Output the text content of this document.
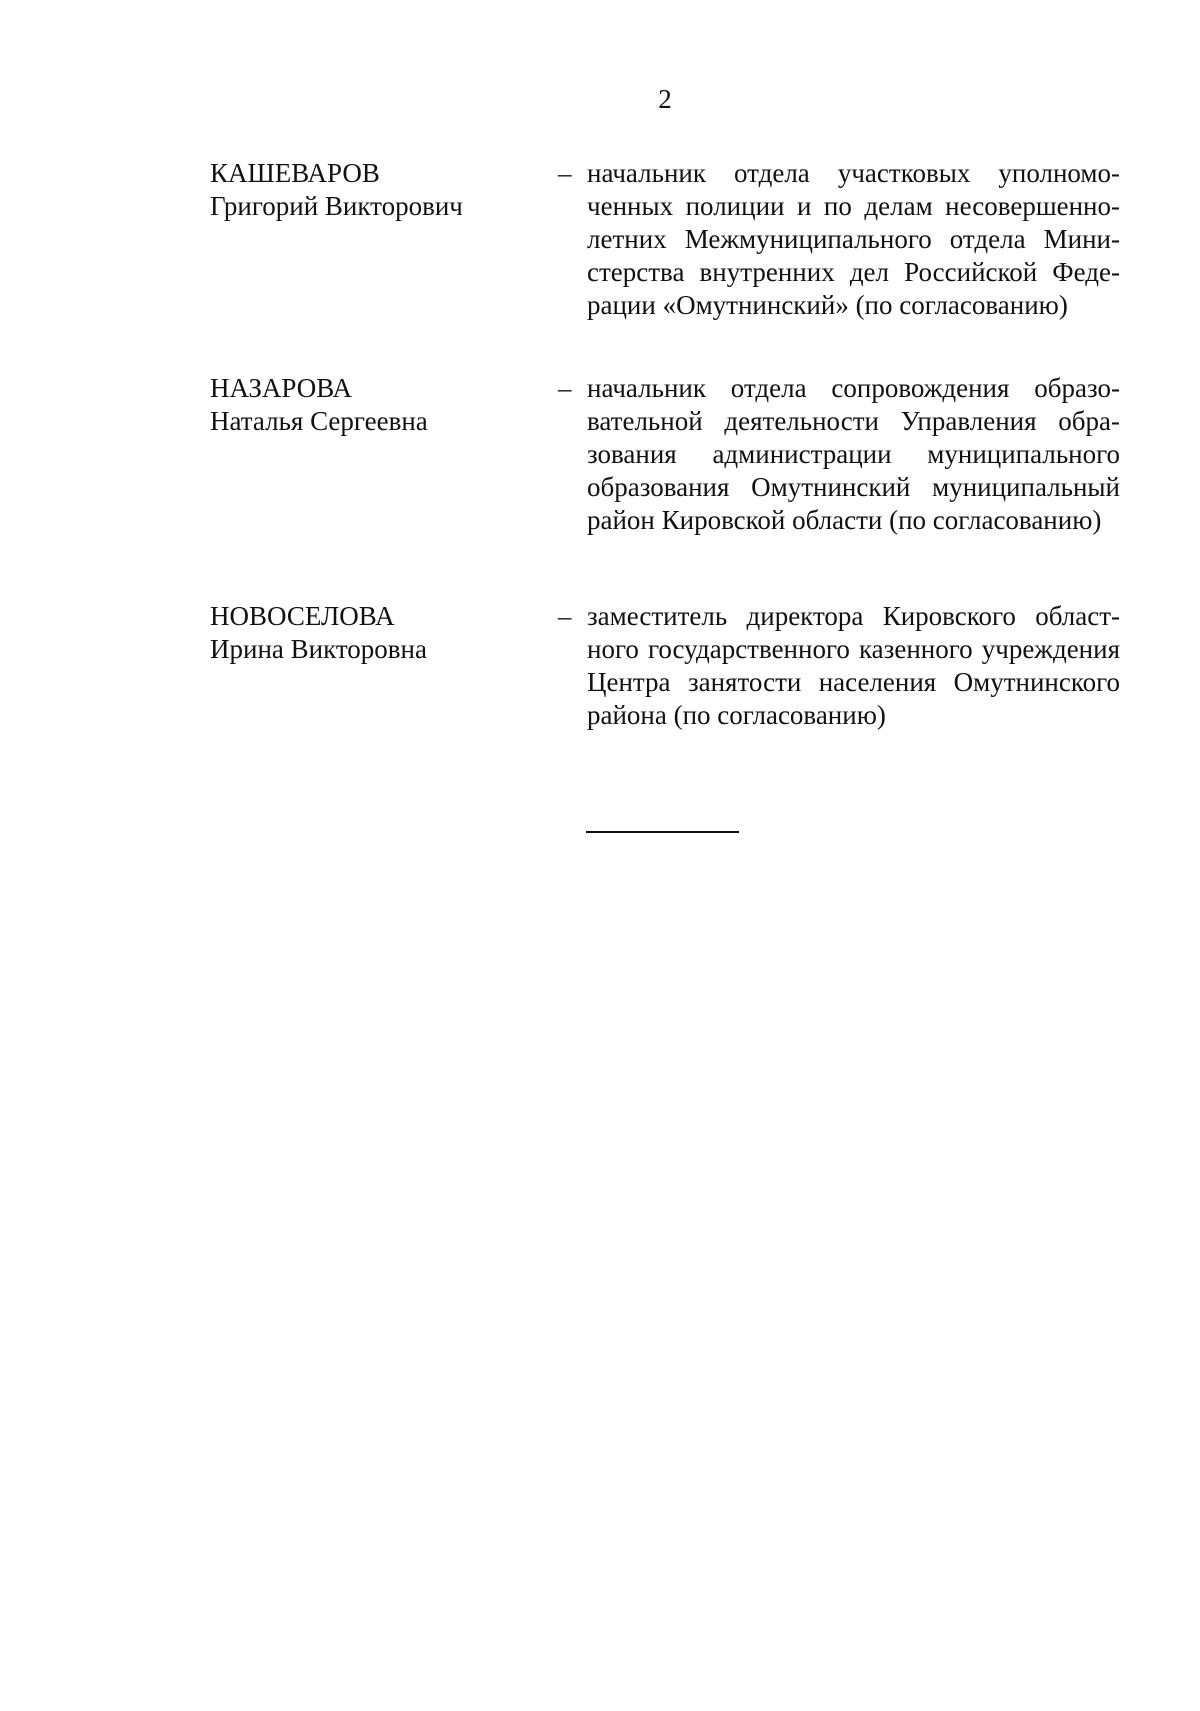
2
КАШЕВАРОВ
Григорий Викторович
– начальник отдела участковых уполномоченных полиции и по делам несовершеннолетних Межмуниципального отдела Министерства внутренних дел Российской Федерации «Омутнинский» (по согласованию)
НАЗАРОВА
Наталья Сергеевна
– начальник отдела сопровождения образовательной деятельности Управления образования администрации муниципального образования Омутнинский муниципальный район Кировской области (по согласованию)
НОВОСЕЛОВА
Ирина Викторовна
– заместитель директора Кировского областного государственного казенного учреждения Центра занятости населения Омутнинского района (по согласованию)
